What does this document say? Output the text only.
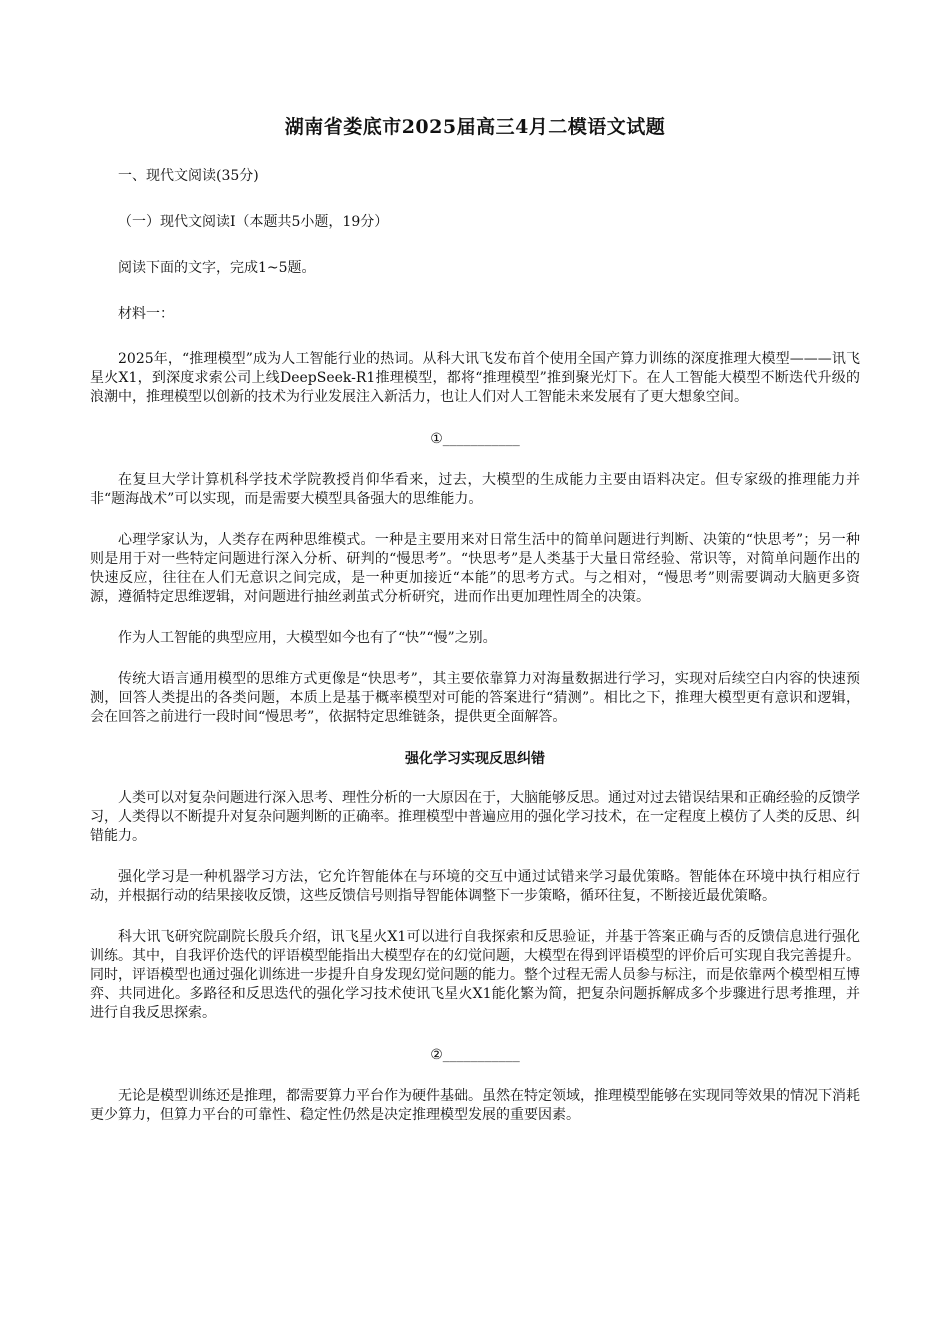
湖南省娄底市2025届高三4月二模语文试题
一、现代文阅读(35分)
（一）现代文阅读Ⅰ（本题共5小题，19分）
阅读下面的文字，完成1~5题。
材料一：
2025年，“推理模型”成为人工智能行业的热词。从科大讯飞发布首个使用全国产算力训练的深度推理大模型———讯飞星火X1，到深度求索公司上线DeepSeek-R1推理模型，都将“推理模型”推到聚光灯下。在人工智能大模型不断迭代升级的浪潮中，推理模型以创新的技术为行业发展注入新活力，也让人们对人工智能未来发展有了更大想象空间。
①___________
在复旦大学计算机科学技术学院教授肖仰华看来，过去，大模型的生成能力主要由语料决定。但专家级的推理能力并非“题海战术”可以实现，而是需要大模型具备强大的思维能力。
心理学家认为，人类存在两种思维模式。一种是主要用来对日常生活中的简单问题进行判断、决策的“快思考”；另一种则是用于对一些特定问题进行深入分析、研判的“慢思考”。“快思考”是人类基于大量日常经验、常识等，对简单问题作出的快速反应，往往在人们无意识之间完成，是一种更加接近“本能”的思考方式。与之相对，“慢思考”则需要调动大脑更多资源，遵循特定思维逻辑，对问题进行抽丝剥茧式分析研究，进而作出更加理性周全的决策。
作为人工智能的典型应用，大模型如今也有了“快”“慢”之别。
传统大语言通用模型的思维方式更像是“快思考”，其主要依靠算力对海量数据进行学习，实现对后续空白内容的快速预测，回答人类提出的各类问题，本质上是基于概率模型对可能的答案进行“猜测”。相比之下，推理大模型更有意识和逻辑，会在回答之前进行一段时间“慢思考”，依据特定思维链条，提供更全面解答。
强化学习实现反思纠错
人类可以对复杂问题进行深入思考、理性分析的一大原因在于，大脑能够反思。通过对过去错误结果和正确经验的反馈学习，人类得以不断提升对复杂问题判断的正确率。推理模型中普遍应用的强化学习技术，在一定程度上模仿了人类的反思、纠错能力。
强化学习是一种机器学习方法，它允许智能体在与环境的交互中通过试错来学习最优策略。智能体在环境中执行相应行动，并根据行动的结果接收反馈，这些反馈信号则指导智能体调整下一步策略，循环往复，不断接近最优策略。
科大讯飞研究院副院长殷兵介绍，讯飞星火X1可以进行自我探索和反思验证，并基于答案正确与否的反馈信息进行强化训练。其中，自我评价迭代的评语模型能指出大模型存在的幻觉问题，大模型在得到评语模型的评价后可实现自我完善提升。同时，评语模型也通过强化训练进一步提升自身发现幻觉问题的能力。整个过程无需人员参与标注，而是依靠两个模型相互博弈、共同进化。多路径和反思迭代的强化学习技术使讯飞星火X1能化繁为简，把复杂问题拆解成多个步骤进行思考推理，并进行自我反思探索。
②___________
无论是模型训练还是推理，都需要算力平台作为硬件基础。虽然在特定领域，推理模型能够在实现同等效果的情况下消耗更少算力，但算力平台的可靠性、稳定性仍然是决定推理模型发展的重要因素。
